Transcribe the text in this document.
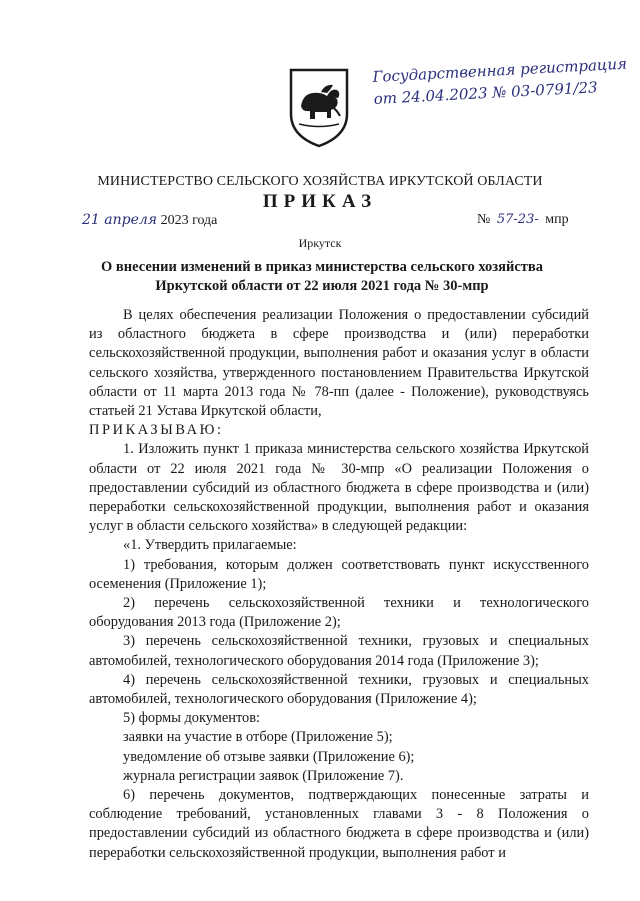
Государственная регистрация
от 24.04.2023 № 03-0791/23
МИНИСТЕРСТВО СЕЛЬСКОГО ХОЗЯЙСТВА ИРКУТСКОЙ ОБЛАСТИ
ПРИКАЗ
21 апреля 2023 года	№ 57-23- мпр
Иркутск
О внесении изменений в приказ министерства сельского хозяйства Иркутской области от 22 июля 2021 года № 30-мпр

В целях обеспечения реализации Положения о предоставлении субсидий из областного бюджета в сфере производства и (или) переработки сельскохозяйственной продукции, выполнения работ и оказания услуг в области сельского хозяйства, утвержденного постановлением Правительства Иркутской области от 11 марта 2013 года № 78-пп (далее - Положение), руководствуясь статьей 21 Устава Иркутской области,

ПРИКАЗЫВАЮ:

1. Изложить пункт 1 приказа министерства сельского хозяйства Иркутской области от 22 июля 2021 года № 30-мпр «О реализации Положения о предоставлении субсидий из областного бюджета в сфере производства и (или) переработки сельскохозяйственной продукции, выполнения работ и оказания услуг в области сельского хозяйства» в следующей редакции:

«1. Утвердить прилагаемые:

1) требования, которым должен соответствовать пункт искусственного осеменения (Приложение 1);

2) перечень сельскохозяйственной техники и технологического оборудования 2013 года (Приложение 2);

3) перечень сельскохозяйственной техники, грузовых и специальных автомобилей, технологического оборудования 2014 года (Приложение 3);

4) перечень сельскохозяйственной техники, грузовых и специальных автомобилей, технологического оборудования (Приложение 4);

5) формы документов:

заявки на участие в отборе (Приложение 5);

уведомление об отзыве заявки (Приложение 6);

журнала регистрации заявок (Приложение 7).

6) перечень документов, подтверждающих понесенные затраты и соблюдение требований, установленных главами 3 - 8 Положения о предоставлении субсидий из областного бюджета в сфере производства и (или) переработки сельскохозяйственной продукции, выполнения работ и
